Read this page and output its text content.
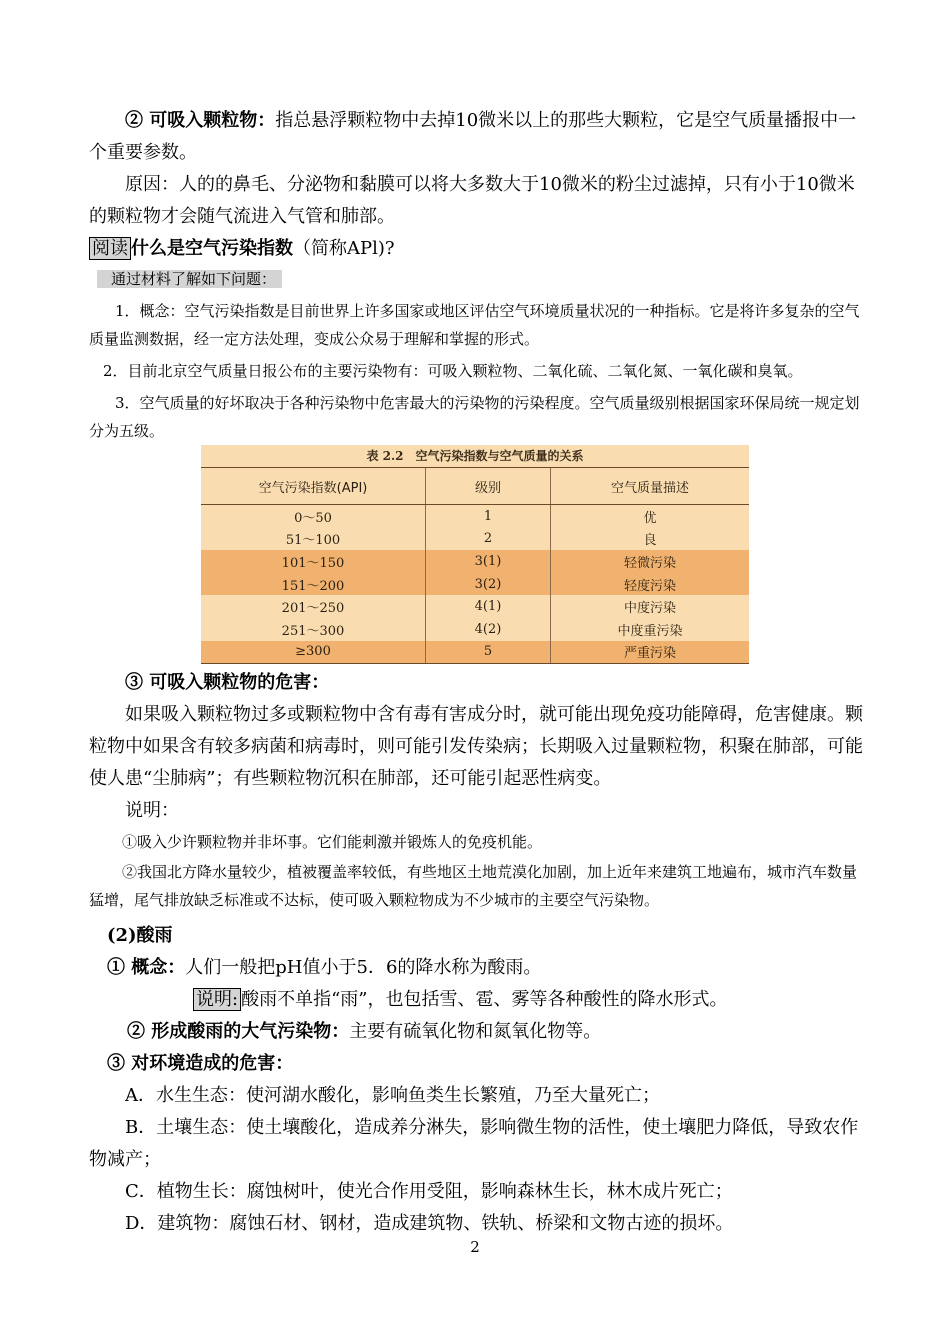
② 可吸入颗粒物：指总悬浮颗粒物中去掉10微米以上的那些大颗粒，它是空气质量播报中一个重要参数。

原因：人的的鼻毛、分泌物和黏膜可以将大多数大于10微米的粉尘过滤掉，只有小于10微米的颗粒物才会随气流进入气管和肺部。

阅读 什么是空气污染指数（简称APl)?

通过材料了解如下问题：

1．概念：空气污染指数是目前世界上许多国家或地区评估空气环境质量状况的一种指标。它是将许多复杂的空气质量监测数据，经一定方法处理，变成公众易于理解和掌握的形式。

2．目前北京空气质量日报公布的主要污染物有：可吸入颗粒物、二氧化硫、二氧化氮、一氧化碳和臭氧。

3．空气质量的好坏取决于各种污染物中危害最大的污染物的污染程度。空气质量级别根据国家环保局统一规定划分为五级。

表 2.2　空气污染指数与空气质量的关系
空气污染指数(API)	级别	空气质量描述
0～50	1	优
51～100	2	良
101～150	3(1)	轻微污染
151～200	3(2)	轻度污染
201～250	4(1)	中度污染
251～300	4(2)	中度重污染
≥300	5	严重污染

③ 可吸入颗粒物的危害：

如果吸入颗粒物过多或颗粒物中含有毒有害成分时，就可能出现免疫功能障碍，危害健康。颗粒物中如果含有较多病菌和病毒时，则可能引发传染病；长期吸入过量颗粒物，积聚在肺部，可能使人患“尘肺病”；有些颗粒物沉积在肺部，还可能引起恶性病变。

说明：

①吸入少许颗粒物并非坏事。它们能刺激并锻炼人的免疫机能。

②我国北方降水量较少，植被覆盖率较低，有些地区土地荒漠化加剧，加上近年来建筑工地遍布，城市汽车数量猛增，尾气排放缺乏标准或不达标，使可吸入颗粒物成为不少城市的主要空气污染物。

(2)酸雨

① 概念：人们一般把pH值小于5．6的降水称为酸雨。

说明: 酸雨不单指“雨”，也包括雪、雹、雾等各种酸性的降水形式。

② 形成酸雨的大气污染物：主要有硫氧化物和氮氧化物等。

③ 对环境造成的危害：

A．水生生态：使河湖水酸化，影响鱼类生长繁殖，乃至大量死亡；

B．土壤生态：使土壤酸化，造成养分淋失，影响微生物的活性，使土壤肥力降低，导致农作物减产；

C．植物生长：腐蚀树叶，使光合作用受阻，影响森林生长，林木成片死亡；

D．建筑物：腐蚀石材、钢材，造成建筑物、铁轨、桥梁和文物古迹的损坏。

2
